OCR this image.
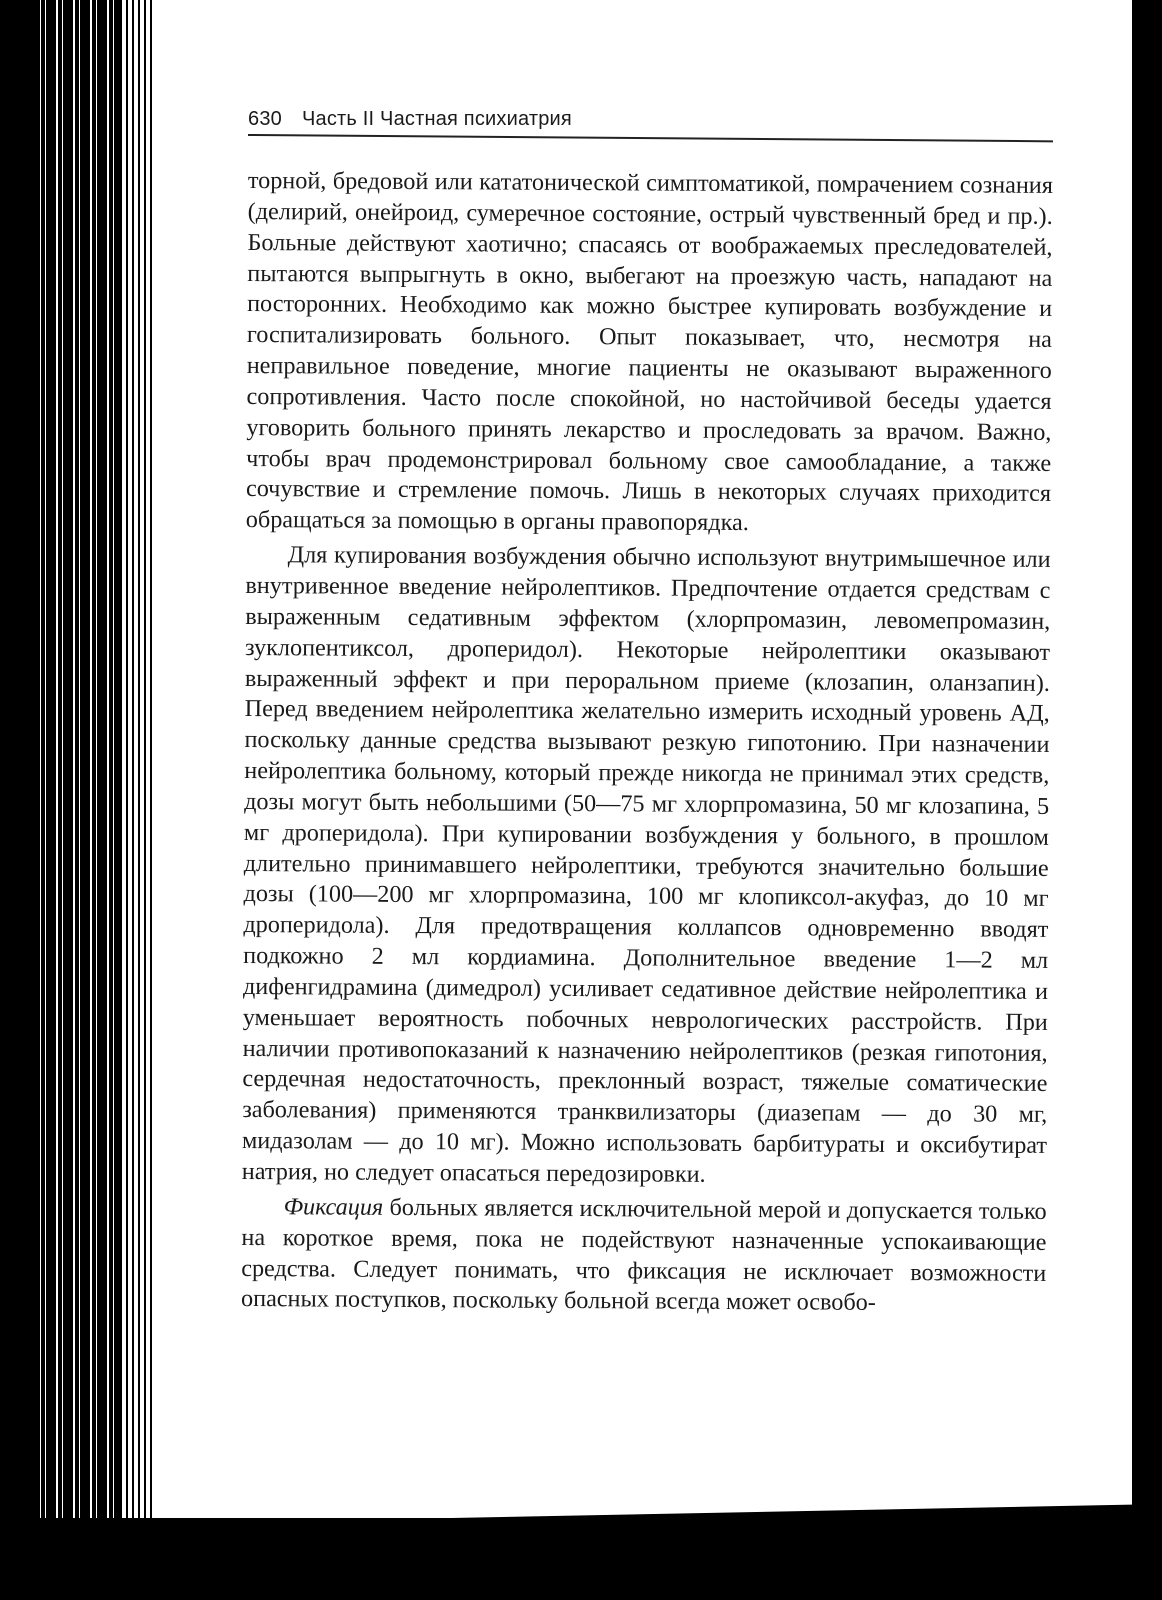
630 Часть II Частная психиатрия

торной, бредовой или кататонической симптоматикой, помрачением сознания (делирий, онейроид, сумеречное состояние, острый чувственный бред и пр.). Больные действуют хаотично; спасаясь от воображаемых преследователей, пытаются выпрыгнуть в окно, выбегают на проезжую часть, нападают на посторонних. Необходимо как можно быстрее купировать возбуждение и госпитализировать больного. Опыт показывает, что, несмотря на неправильное поведение, многие пациенты не оказывают выраженного сопротивления. Часто после спокойной, но настойчивой беседы удается уговорить больного принять лекарство и проследовать за врачом. Важно, чтобы врач продемонстрировал больному свое самообладание, а также сочувствие и стремление помочь. Лишь в некоторых случаях приходится обращаться за помощью в органы правопорядка.

Для купирования возбуждения обычно используют внутримышечное или внутривенное введение нейролептиков. Предпочтение отдается средствам с выраженным седативным эффектом (хлорпромазин, левомепромазин, зуклопентиксол, дроперидол). Некоторые нейролептики оказывают выраженный эффект и при пероральном приеме (клозапин, оланзапин). Перед введением нейролептика желательно измерить исходный уровень АД, поскольку данные средства вызывают резкую гипотонию. При назначении нейролептика больному, который прежде никогда не принимал этих средств, дозы могут быть небольшими (50—75 мг хлорпромазина, 50 мг клозапина, 5 мг дроперидола). При купировании возбуждения у больного, в прошлом длительно принимавшего нейролептики, требуются значительно большие дозы (100—200 мг хлорпромазина, 100 мг клопиксол-акуфаз, до 10 мг дроперидола). Для предотвращения коллапсов одновременно вводят подкожно 2 мл кордиамина. Дополнительное введение 1—2 мл дифенгидрамина (димедрол) усиливает седативное действие нейролептика и уменьшает вероятность побочных неврологических расстройств. При наличии противопоказаний к назначению нейролептиков (резкая гипотония, сердечная недостаточность, преклонный возраст, тяжелые соматические заболевания) применяются транквилизаторы (диазепам — до 30 мг, мидазолам — до 10 мг). Можно использовать барбитураты и оксибутират натрия, но следует опасаться передозировки.

Фиксация больных является исключительной мерой и допускается только на короткое время, пока не подействуют назначенные успокаивающие средства. Следует понимать, что фиксация не исключает возможности опасных поступков, поскольку больной всегда может освобо-
